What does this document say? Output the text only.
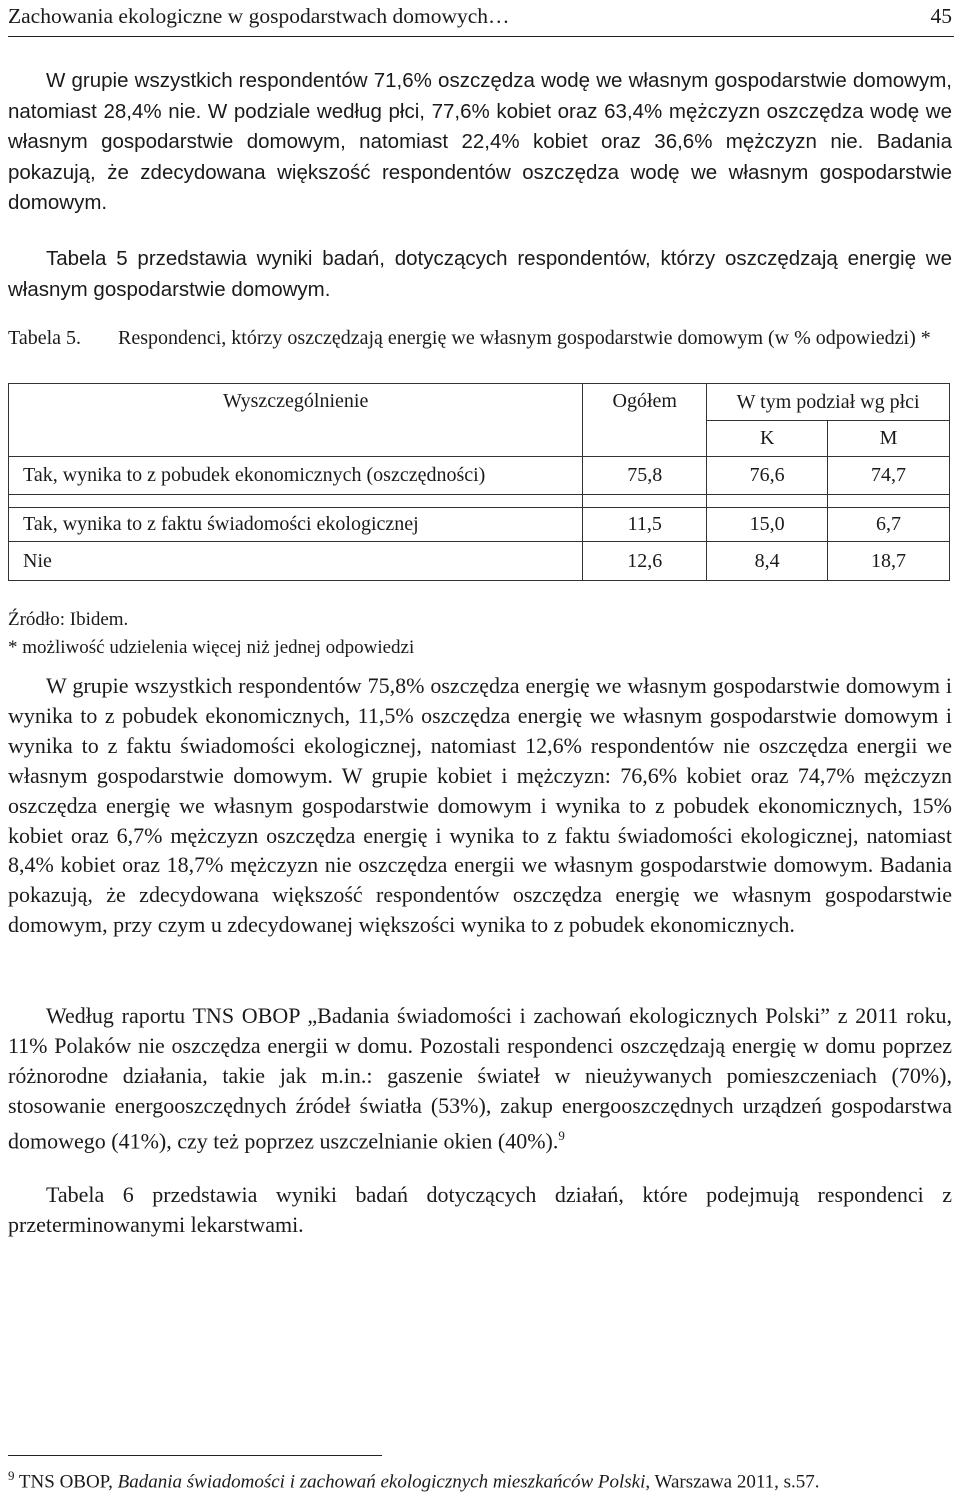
Zachowania ekologiczne w gospodarstwach domowych…	45

W grupie wszystkich respondentów 71,6% oszczędza wodę we własnym gospodarstwie domowym, natomiast 28,4% nie. W podziale według płci, 77,6% kobiet oraz 63,4% mężczyzn oszczędza wodę we własnym gospodarstwie domowym, natomiast 22,4% kobiet oraz 36,6% mężczyzn nie. Badania pokazują, że zdecydowana większość respondentów oszczędza wodę we własnym gospodarstwie domowym.

Tabela 5 przedstawia wyniki badań, dotyczących respondentów, którzy oszczędzają energię we własnym gospodarstwie domowym.

Tabela 5. Respondenci, którzy oszczędzają energię we własnym gospodarstwie domowym (w % odpowiedzi) *
Wyszczególnienie	Ogółem	W tym podział wg płci	
		K	M
Tak, wynika to z pobudek ekonomicznych (oszczędności)	75,8	76,6	74,7

Tak, wynika to z faktu świadomości ekologicznej	11,5	15,0	6,7
Nie	12,6	8,4	18,7
Źródło: Ibidem.
* możliwość udzielenia więcej niż jednej odpowiedzi

W grupie wszystkich respondentów 75,8% oszczędza energię we własnym gospodarstwie domowym i wynika to z pobudek ekonomicznych, 11,5% oszczędza energię we własnym gospodarstwie domowym i wynika to z faktu świadomości ekologicznej, natomiast 12,6% respondentów nie oszczędza energii we własnym gospodarstwie domowym. W grupie kobiet i mężczyzn: 76,6% kobiet oraz 74,7% mężczyzn oszczędza energię we własnym gospodarstwie domowym i wynika to z pobudek ekonomicznych, 15% kobiet oraz 6,7% mężczyzn oszczędza energię i wynika to z faktu świadomości ekologicznej, natomiast 8,4% kobiet oraz 18,7% mężczyzn nie oszczędza energii we własnym gospodarstwie domowym. Badania pokazują, że zdecydowana większość respondentów oszczędza energię we własnym gospodarstwie domowym, przy czym u zdecydowanej większości wynika to z pobudek ekonomicznych.

Według raportu TNS OBOP „Badania świadomości i zachowań ekologicznych Polski” z 2011 roku, 11% Polaków nie oszczędza energii w domu. Pozostali respondenci oszczędzają energię w domu poprzez różnorodne działania, takie jak m.in.: gaszenie świateł w nieużywanych pomieszczeniach (70%), stosowanie energooszczędnych źródeł światła (53%), zakup energooszczędnych urządzeń gospodarstwa domowego (41%), czy też poprzez uszczelnianie okien (40%).$^9$

Tabela 6 przedstawia wyniki badań dotyczących działań, które podejmują respondenci z przeterminowanymi lekarstwami.

$^9$ TNS OBOP, Badania świadomości i zachowań ekologicznych mieszkańców Polski, Warszawa 2011, s.57.
